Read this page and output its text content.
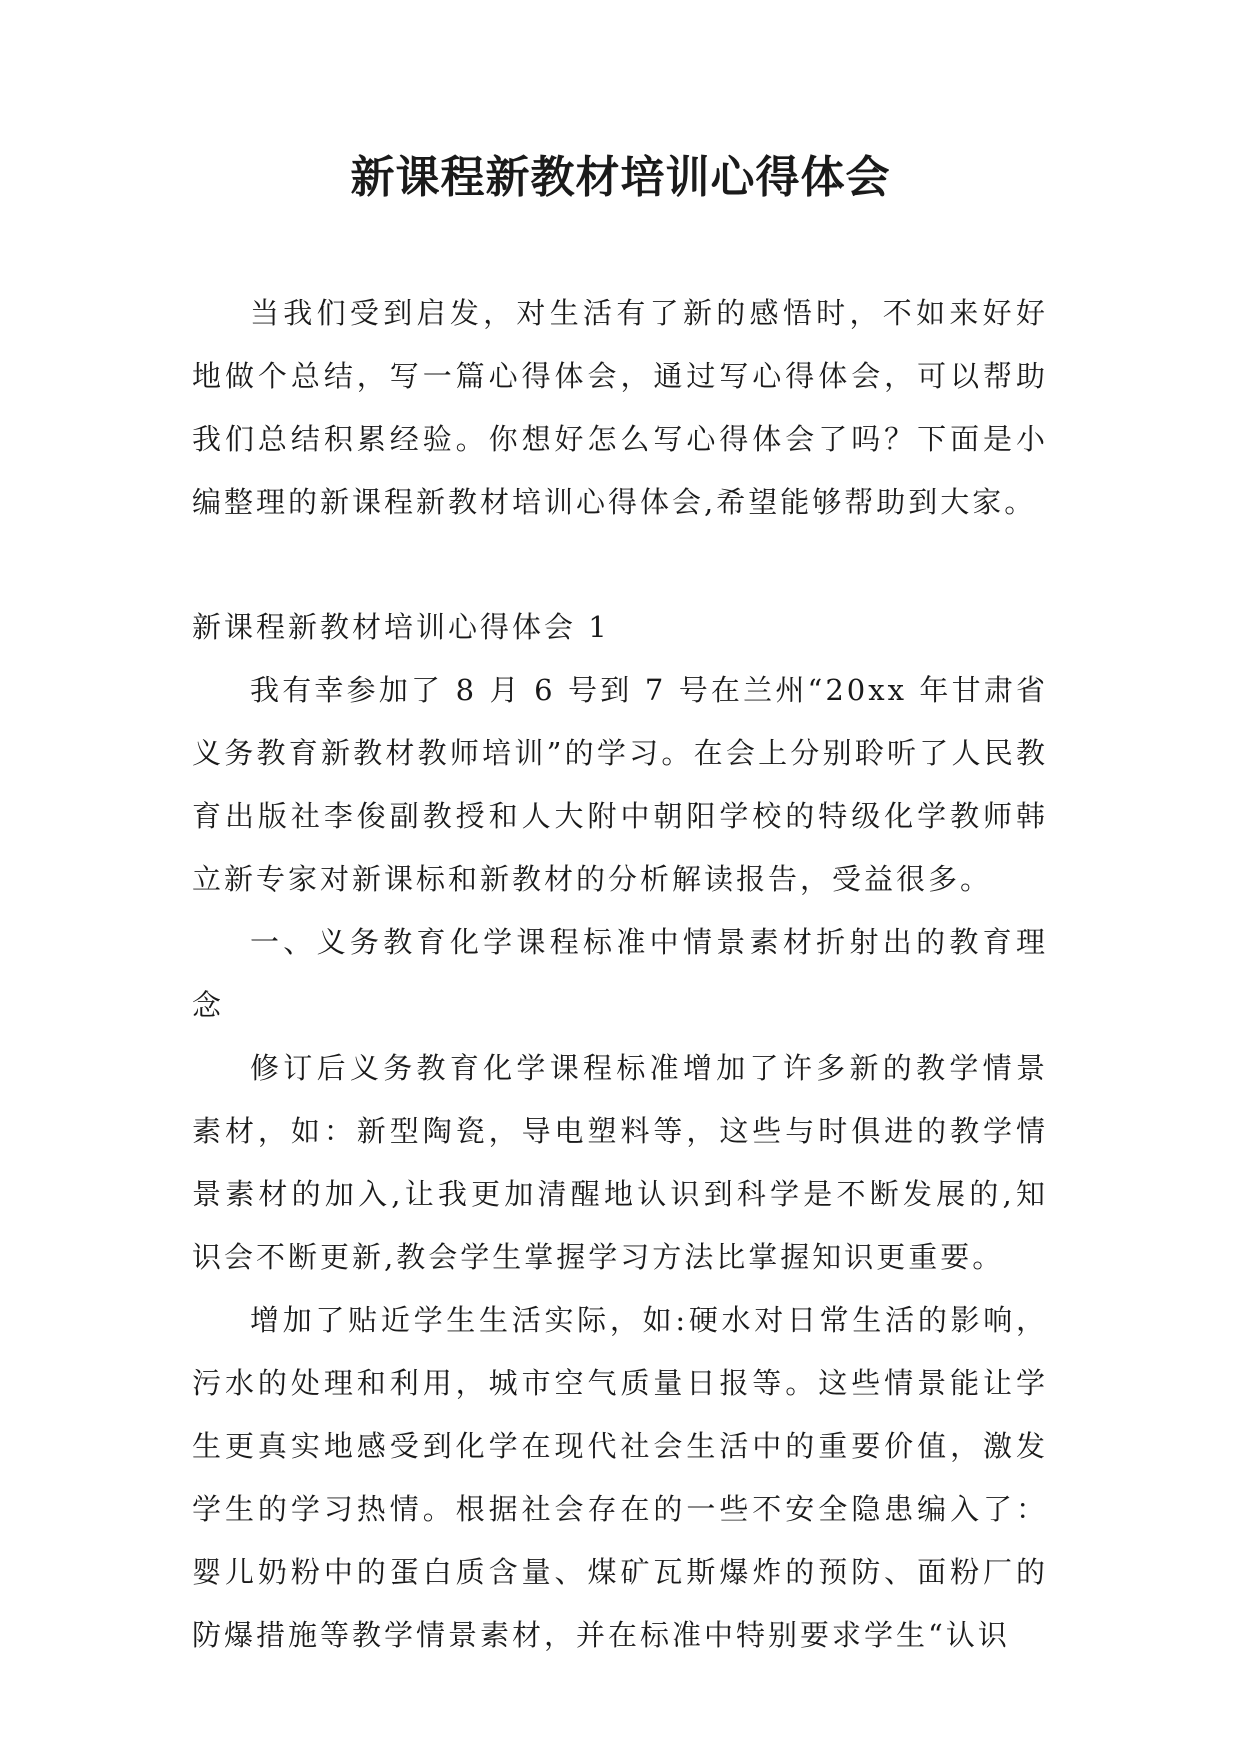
新课程新教材培训心得体会

当我们受到启发，对生活有了新的感悟时，不如来好好地做个总结，写一篇心得体会，通过写心得体会，可以帮助我们总结积累经验。你想好怎么写心得体会了吗？下面是小编整理的新课程新教材培训心得体会,希望能够帮助到大家。

新课程新教材培训心得体会 1

我有幸参加了 8 月 6 号到 7 号在兰州“20xx 年甘肃省义务教育新教材教师培训”的学习。在会上分别聆听了人民教育出版社李俊副教授和人大附中朝阳学校的特级化学教师韩立新专家对新课标和新教材的分析解读报告，受益很多。

一、义务教育化学课程标准中情景素材折射出的教育理念

修订后义务教育化学课程标准增加了许多新的教学情景素材，如：新型陶瓷，导电塑料等，这些与时俱进的教学情景素材的加入,让我更加清醒地认识到科学是不断发展的,知识会不断更新,教会学生掌握学习方法比掌握知识更重要。

增加了贴近学生生活实际，如:硬水对日常生活的影响，污水的处理和利用，城市空气质量日报等。这些情景能让学生更真实地感受到化学在现代社会生活中的重要价值，激发学生的学习热情。根据社会存在的一些不安全隐患编入了：婴儿奶粉中的蛋白质含量、煤矿瓦斯爆炸的预防、面粉厂的防爆措施等教学情景素材，并在标准中特别要求学生“认识
